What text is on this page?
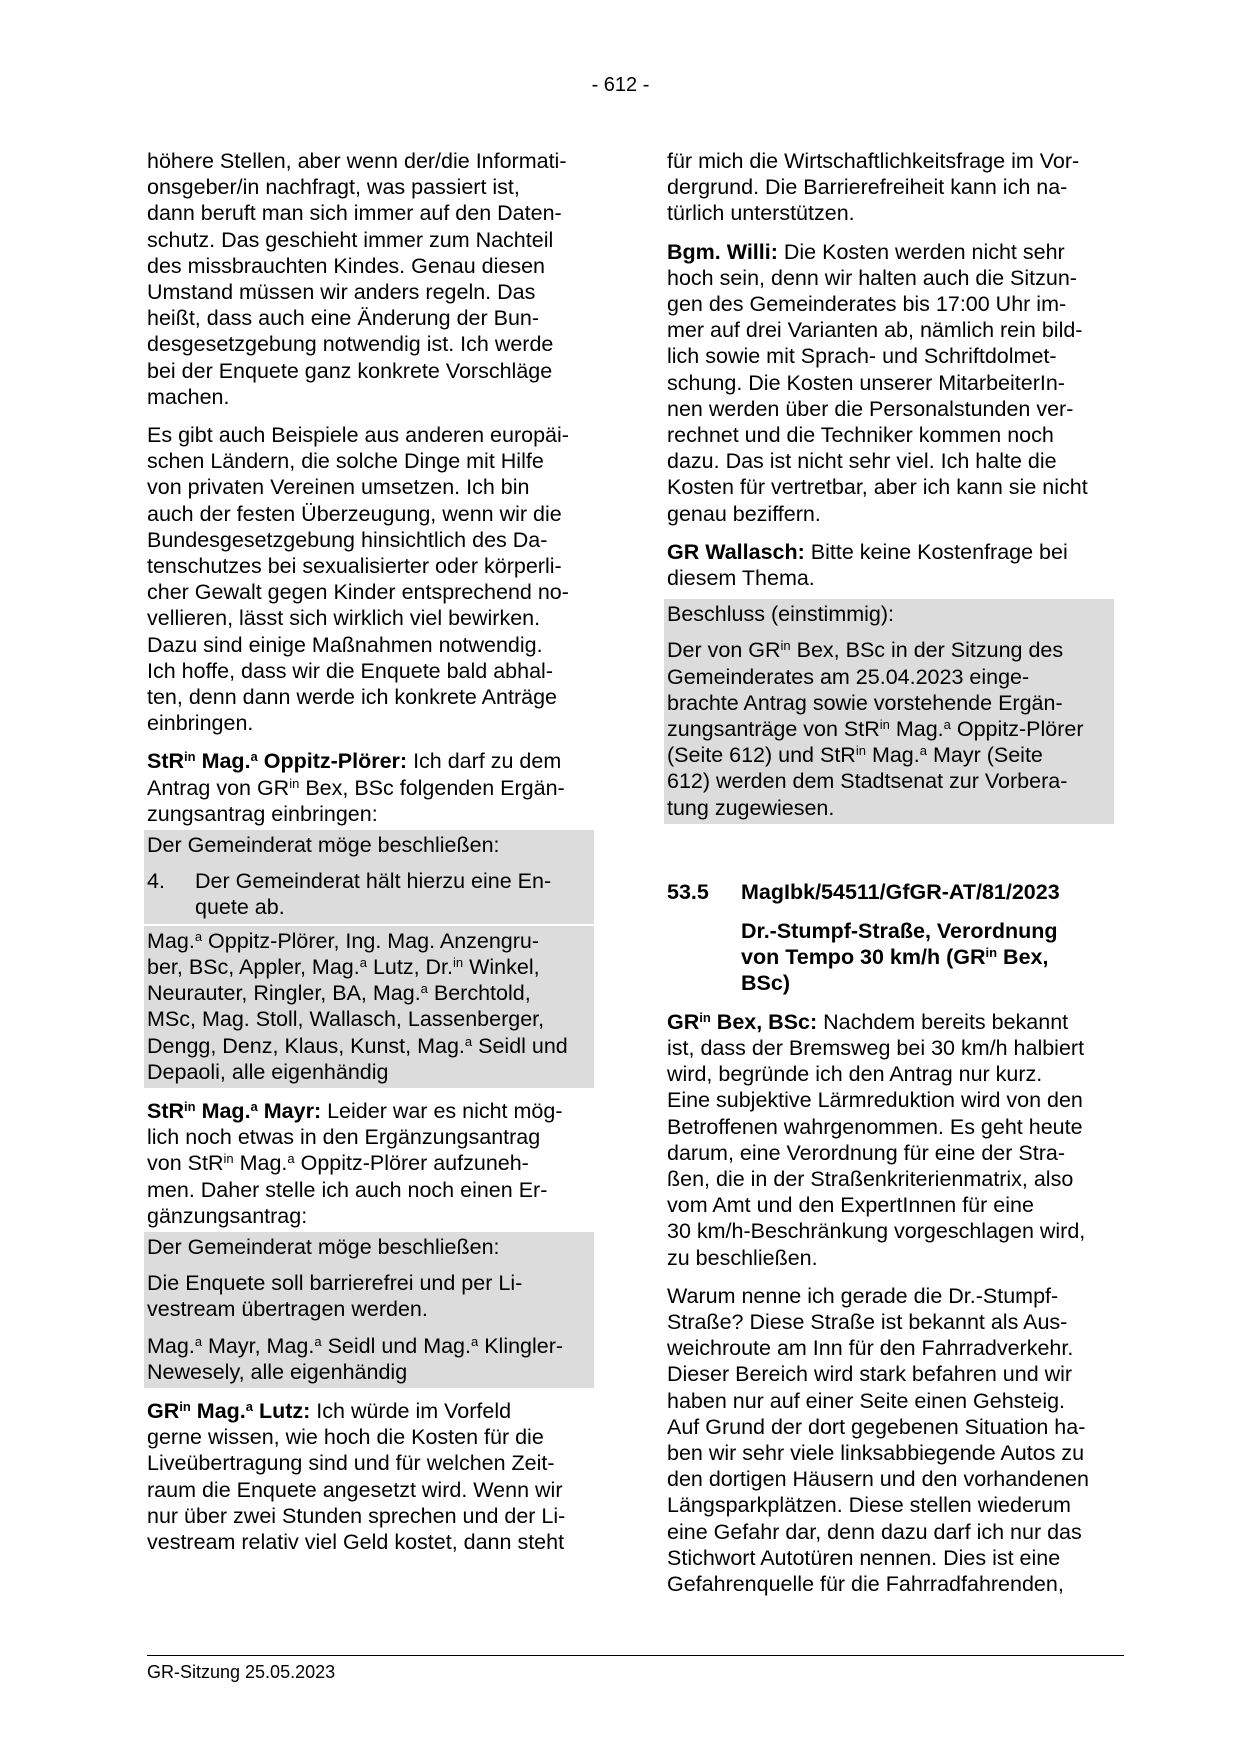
- 612 -
höhere Stellen, aber wenn der/die Informati-
onsgeber/in nachfragt, was passiert ist,
dann beruft man sich immer auf den Daten-
schutz. Das geschieht immer zum Nachteil
des missbrauchten Kindes. Genau diesen
Umstand müssen wir anders regeln. Das
heißt, dass auch eine Änderung der Bun-
desgesetzgebung notwendig ist. Ich werde
bei der Enquete ganz konkrete Vorschläge
machen.
Es gibt auch Beispiele aus anderen europäi-
schen Ländern, die solche Dinge mit Hilfe
von privaten Vereinen umsetzen. Ich bin
auch der festen Überzeugung, wenn wir die
Bundesgesetzgebung hinsichtlich des Da-
tenschutzes bei sexualisierter oder körperli-
cher Gewalt gegen Kinder entsprechend no-
vellieren, lässt sich wirklich viel bewirken.
Dazu sind einige Maßnahmen notwendig.
Ich hoffe, dass wir die Enquete bald abhal-
ten, denn dann werde ich konkrete Anträge
einbringen.
StR$^{in}$ Mag.$^a$ Oppitz-Plörer: Ich darf zu dem
Antrag von $GR^{in}$ Bex, BSc folgenden Ergän-
zungsantrag einbringen:
Der Gemeinderat möge beschließen:
4.	Der Gemeinderat hält hierzu eine En-
quete ab.
Mag.$^a$ Oppitz-Plörer, Ing. Mag. Anzengru-
ber, BSc, Appler, Mag.$^a$ Lutz, Dr.$^{in}$ Winkel,
Neurauter, Ringler, BA, Mag.$^a$ Berchtold,
MSc, Mag. Stoll, Wallasch, Lassenberger,
Dengg, Denz, Klaus, Kunst, Mag.$^a$ Seidl und
Depaoli, alle eigenhändig
StR$^{in}$ Mag.$^a$ Mayr: Leider war es nicht mög-
lich noch etwas in den Ergänzungsantrag
von StR$^{in}$ Mag.$^a$ Oppitz-Plörer aufzuneh-
men. Daher stelle ich auch noch einen Er-
gänzungsantrag:
Der Gemeinderat möge beschließen:
Die Enquete soll barrierefrei und per Li-
vestream übertragen werden.
Mag.$^a$ Mayr, Mag.$^a$ Seidl und Mag.$^a$ Klingler-
Newesely, alle eigenhändig
$GR^{in}$ Mag.$^a$ Lutz: Ich würde im Vorfeld
gerne wissen, wie hoch die Kosten für die
Liveübertragung sind und für welchen Zeit-
raum die Enquete angesetzt wird. Wenn wir
nur über zwei Stunden sprechen und der Li-
vestream relativ viel Geld kostet, dann steht
für mich die Wirtschaftlichkeitsfrage im Vor-
dergrund. Die Barrierefreiheit kann ich na-
türlich unterstützen.
Bgm. Willi: Die Kosten werden nicht sehr
hoch sein, denn wir halten auch die Sitzun-
gen des Gemeinderates bis 17:00 Uhr im-
mer auf drei Varianten ab, nämlich rein bild-
lich sowie mit Sprach- und Schriftdolmet-
schung. Die Kosten unserer MitarbeiterIn-
nen werden über die Personalstunden ver-
rechnet und die Techniker kommen noch
dazu. Das ist nicht sehr viel. Ich halte die
Kosten für vertretbar, aber ich kann sie nicht
genau beziffern.
GR Wallasch: Bitte keine Kostenfrage bei
diesem Thema.
Beschluss (einstimmig):
Der von $GR^{in}$ Bex, BSc in der Sitzung des
Gemeinderates am 25.04.2023 einge-
brachte Antrag sowie vorstehende Ergän-
zungsanträge von StR$^{in}$ Mag.$^a$ Oppitz-Plörer
(Seite 612) und StR$^{in}$ Mag.$^a$ Mayr (Seite
612) werden dem Stadtsenat zur Vorbera-
tung zugewiesen.
53.5	MagIbk/54511/GfGR-AT/81/2023
Dr.-Stumpf-Straße, Verordnung
von Tempo 30 km/h ($GR^{in}$ Bex,
BSc)
$GR^{in}$ Bex, BSc: Nachdem bereits bekannt
ist, dass der Bremsweg bei 30 km/h halbiert
wird, begründe ich den Antrag nur kurz.
Eine subjektive Lärmreduktion wird von den
Betroffenen wahrgenommen. Es geht heute
darum, eine Verordnung für eine der Stra-
ßen, die in der Straßenkriterienmatrix, also
vom Amt und den ExpertInnen für eine
30 km/h-Beschränkung vorgeschlagen wird,
zu beschließen.
Warum nenne ich gerade die Dr.-Stumpf-
Straße? Diese Straße ist bekannt als Aus-
weichroute am Inn für den Fahrradverkehr.
Dieser Bereich wird stark befahren und wir
haben nur auf einer Seite einen Gehsteig.
Auf Grund der dort gegebenen Situation ha-
ben wir sehr viele linksabbiegende Autos zu
den dortigen Häusern und den vorhandenen
Längsparkplätzen. Diese stellen wiederum
eine Gefahr dar, denn dazu darf ich nur das
Stichwort Autotüren nennen. Dies ist eine
Gefahrenquelle für die Fahrradfahrenden,
GR-Sitzung 25.05.2023
